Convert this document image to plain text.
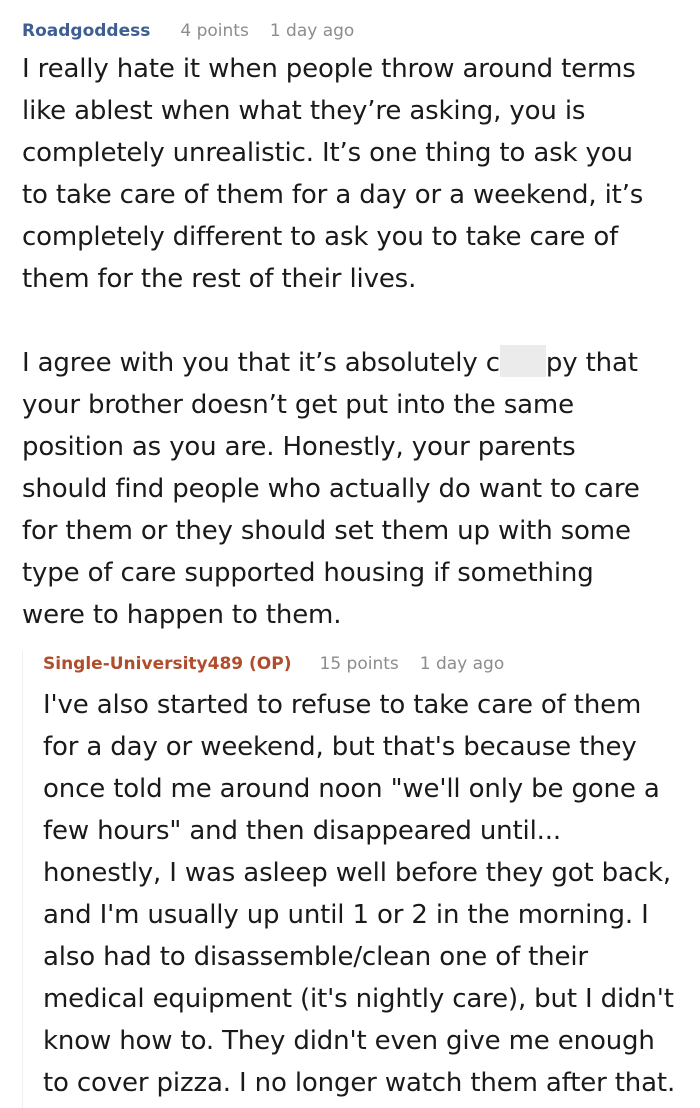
Roadgoddess 4 points 1 day ago

I really hate it when people throw around terms

like ablest when what they’re asking, you is

completely unrealistic. It’s one thing to ask you

to take care of them for a day or a weekend, it’s

completely different to ask you to take care of

them for the rest of their lives.

I agree with you that it’s absolutely c py that

your brother doesn’t get put into the same

position as you are. Honestly, your parents

should find people who actually do want to care

for them or they should set them up with some

type of care supported housing if something

were to happen to them.

Single-University489 (OP) 15 points 1 day ago

I've also started to refuse to take care of them

for a day or weekend, but that's because they

once told me around noon "we'll only be gone a

few hours" and then disappeared until...

honestly, I was asleep well before they got back,

and I'm usually up until 1 or 2 in the morning. I

also had to disassemble/clean one of their

medical equipment (it's nightly care), but I didn't

know how to. They didn't even give me enough

to cover pizza. I no longer watch them after that.
